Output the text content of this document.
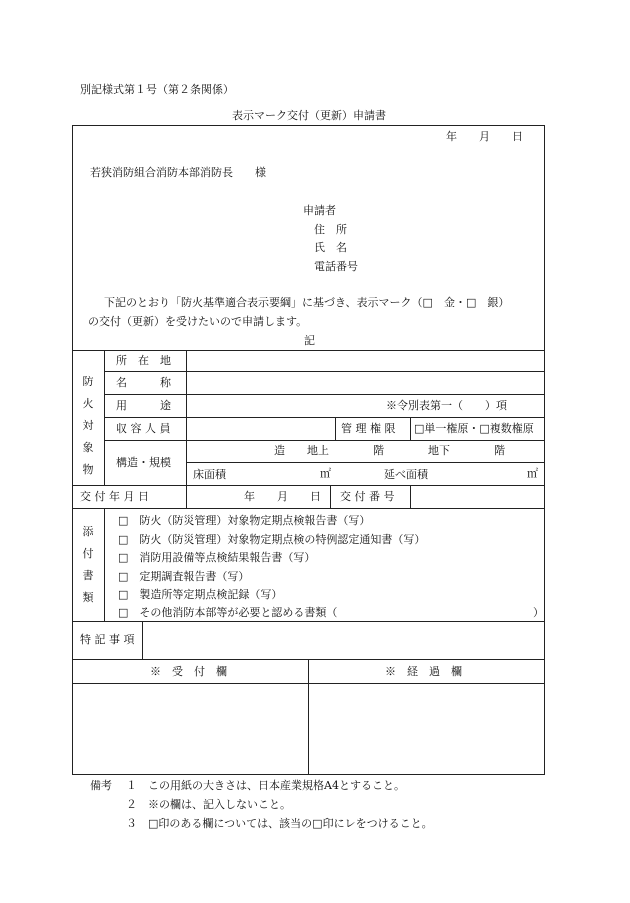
別記様式第１号（第２条関係）
表示マーク交付（更新）申請書
年　　月　　日
若狭消防組合消防本部消防長　　様
申請者
住　所
氏　名
電話番号
下記のとおり「防火基準適合表示要綱」に基づき、表示マーク（□　金・□　銀）
の交付（更新）を受けたいので申請します。
記
防火対象物
所　在　地
名　　　称
用　　　途	※令別表第一（　　）項
収 容 人 員	管 理 権 限 □単一権原・□複数権原
構造・規模
造　　地上　　　　階　　　　地下　　　　階
床面積	㎡	延べ面積	㎡
交 付 年 月 日	年　　月　　日 交 付 番 号
添付書類
□　防火（防災管理）対象物定期点検報告書（写）
□　防火（防災管理）対象物定期点検の特例認定通知書（写）
□　消防用設備等点検結果報告書（写）
□　定期調査報告書（写）
□　製造所等定期点検記録（写）
□　その他消防本部等が必要と認める書類（	）
特 記 事 項
※　受　付　欄	※　経　過　欄
備考 １　この用紙の大きさは、日本産業規格A4とすること。
２　※の欄は、記入しないこと。
３　□印のある欄については、該当の□印にレをつけること。
